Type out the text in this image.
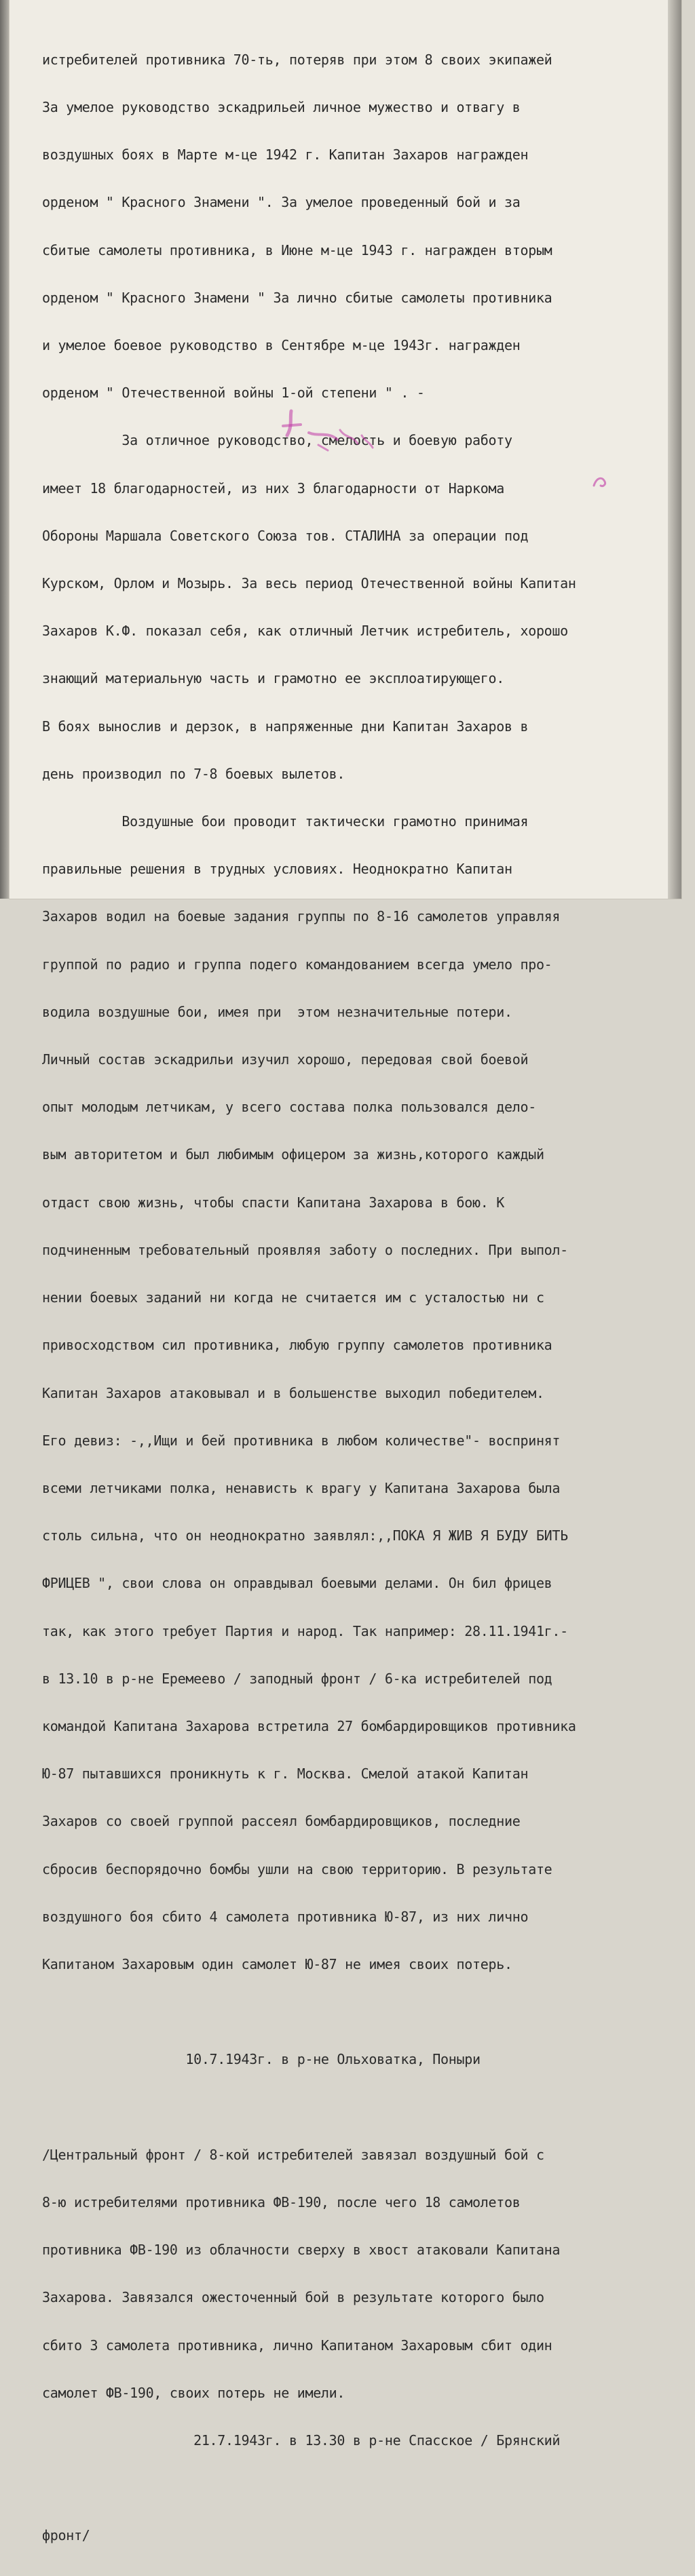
истребителей противника 70-ть, потеряв при этом 8 своих экипажей

За умелое руководство эскадрильей личное мужество и отвагу в

воздушных боях в Марте м-це 1942 г. Капитан Захаров награжден

орденом " Красного Знамени ". За умелое проведенный бой и за

сбитые самолеты противника, в Июне м-це 1943 г. награжден вторым

орденом " Красного Знамени " За лично сбитые самолеты противника

и умелое боевое руководство в Сентябре м-це 1943г. награжден

орденом " Отечественной войны 1-ой степени " . -

За отличное руководство, смелость и боевую работу

имеет 18 благодарностей, из них 3 благодарности от Наркома

Обороны Маршала Советского Союза тов. СТАЛИНА за операции под

Курском, Орлом и Мозырь. За весь период Отечественной войны Капитан

Захаров К.Ф. показал себя, как отличный Летчик истребитель, хорошо

знающий материальную часть и грамотно ее эксплоатирующего.

В боях вынослив и дерзок, в напряженные дни Капитан Захаров в

день производил по 7-8 боевых вылетов.

Воздушные бои проводит тактически грамотно принимая

правильные решения в трудных условиях. Неоднократно Капитан

Захаров водил на боевые задания группы по 8-16 самолетов управляя

группой по радио и группа подего командованием всегда умело про-

водила воздушные бои, имея при  этом незначительные потери.

Личный состав эскадрильи изучил хорошо, передовая свой боевой

опыт молодым летчикам, у всего состава полка пользовался дело-

вым авторитетом и был любимым офицером за жизнь,которого каждый

отдаст свою жизнь, чтобы спасти Капитана Захарова в бою. К

подчиненным требовательный проявляя заботу о последних. При выпол-

нении боевых заданий ни когда не считается им с усталостью ни с

привосходством сил противника, любую группу самолетов противника

Капитан Захаров атаковывал и в большенстве выходил победителем.

Его девиз: -,,Ищи и бей противника в любом количестве"- воспринят

всеми летчиками полка, ненависть к врагу у Капитана Захарова была

столь сильна, что он неоднократно заявлял:,,ПОКА Я ЖИВ Я БУДУ БИТЬ

ФРИЦЕВ ", свои слова он оправдывал боевыми делами. Он бил фрицев

так, как этого требует Партия и народ. Так например: 28.11.1941г.-

в 13.10 в р-не Еремеево / заподный фронт / 6-ка истребителей под

командой Капитана Захарова встретила 27 бомбардировщиков противника

Ю-87 пытавшихся проникнуть к г. Москва. Смелой атакой Капитан

Захаров со своей группой рассеял бомбардировщиков, последние

сбросив беспорядочно бомбы ушли на свою территорию. В результате

воздушного боя сбито 4 самолета противника Ю-87, из них лично

Капитаном Захаровым один самолет Ю-87 не имея своих потерь.

10.7.1943г. в р-не Ольховатка, Поныри

/Центральный фронт / 8-кой истребителей завязал воздушный бой с

8-ю истребителями противника ФВ-190, после чего 18 самолетов

противника ФВ-190 из облачности сверху в хвост атаковали Капитана

Захарова. Завязался ожесточенный бой в результате которого было

сбито 3 самолета противника, лично Капитаном Захаровым сбит один

самолет ФВ-190, своих потерь не имели.

21.7.1943г. в 13.30 в р-не Спасское / Брянский

фронт/
